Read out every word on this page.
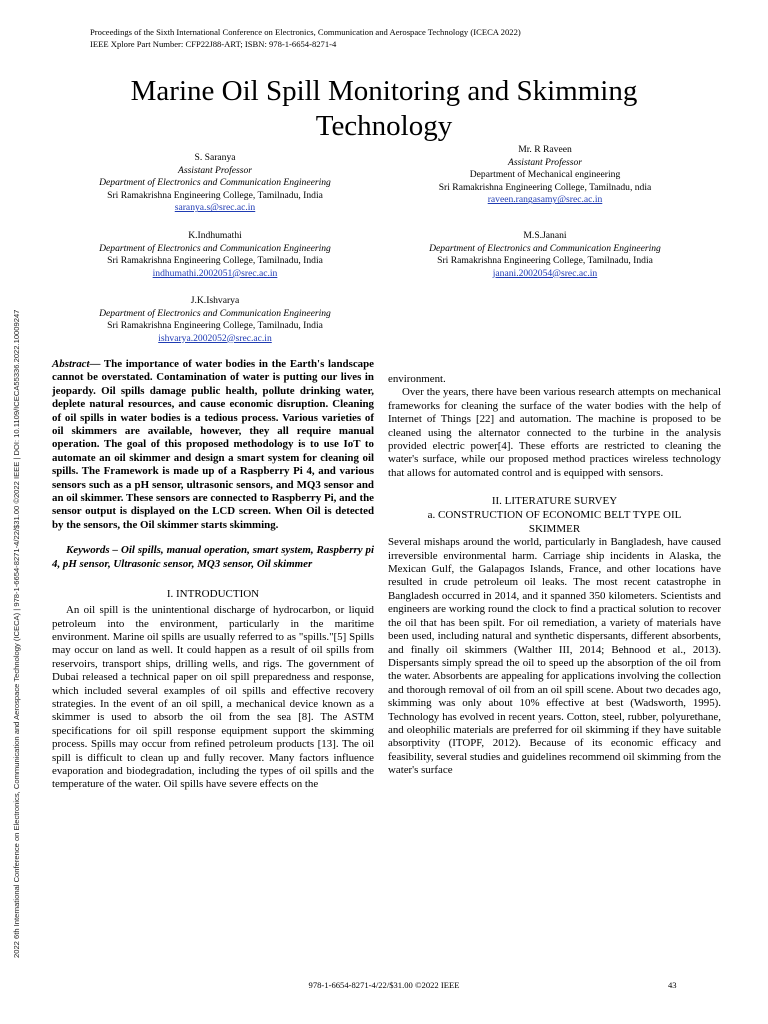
Proceedings of the Sixth International Conference on Electronics, Communication and Aerospace Technology (ICECA 2022)
IEEE Xplore Part Number: CFP22J88-ART; ISBN: 978-1-6654-8271-4
Marine Oil Spill Monitoring and Skimming
Technology
2022 6th International Conference on Electronics, Communication and Aerospace Technology (ICECA) | 978-1-6654-8271-4/22/$31.00 ©2022 IEEE | DOI: 10.1109/ICECA55336.2022.10009247
S. Saranya
Assistant Professor
Department of Electronics and Communication Engineering
Sri Ramakrishna Engineering College, Tamilnadu, India
saranya.s@srec.ac.in
Mr. R Raveen
Assistant Professor
Department of Mechanical engineering
Sri Ramakrishna Engineering College, Tamilnadu, ndia
raveen.rangasamy@srec.ac.in
K.Indhumathi
Department of Electronics and Communication Engineering
Sri Ramakrishna Engineering College, Tamilnadu, India
indhumathi.2002051@srec.ac.in
M.S.Janani
Department of Electronics and Communication Engineering
Sri Ramakrishna Engineering College, Tamilnadu, India
janani.2002054@srec.ac.in
J.K.Ishvarya
Department of Electronics and Communication Engineering
Sri Ramakrishna Engineering College, Tamilnadu, India
ishvarya.2002052@srec.ac.in

Abstract— The importance of water bodies in the Earth's landscape cannot be overstated. Contamination of water is putting our lives in jeopardy. Oil spills damage public health, pollute drinking water, deplete natural resources, and cause economic disruption. Cleaning of oil spills in water bodies is a tedious process. Various varieties of oil skimmers are available, however, they all require manual operation. The goal of this proposed methodology is to use IoT to automate an oil skimmer and design a smart system for cleaning oil spills. The Framework is made up of a Raspberry Pi 4, and various sensors such as a pH sensor, ultrasonic sensors, and MQ3 sensor and an oil skimmer. These sensors are connected to Raspberry Pi, and the sensor output is displayed on the LCD screen. When Oil is detected by the sensors, the Oil skimmer starts skimming.

Keywords – Oil spills, manual operation, smart system, Raspberry pi 4, pH sensor, Ultrasonic sensor, MQ3 sensor, Oil skimmer

I. INTRODUCTION

An oil spill is the unintentional discharge of hydrocarbon, or liquid petroleum into the environment, particularly in the maritime environment. Marine oil spills are usually referred to as "spills."[5] Spills may occur on land as well. It could happen as a result of oil spills from reservoirs, transport ships, drilling wells, and rigs. The government of Dubai released a technical paper on oil spill preparedness and response, which included several examples of oil spills and effective recovery strategies. In the event of an oil spill, a mechanical device known as a skimmer is used to absorb the oil from the sea [8]. The ASTM specifications for oil spill response equipment support the skimming process. Spills may occur from refined petroleum products [13]. The oil spill is difficult to clean up and fully recover. Many factors influence evaporation and biodegradation, including the types of oil spills and the temperature of the water. Oil spills have severe effects on the

environment.

Over the years, there have been various research attempts on mechanical frameworks for cleaning the surface of the water bodies with the help of Internet of Things [22] and automation. The machine is proposed to be cleaned using the alternator connected to the turbine in the analysis provided electric power[4]. These efforts are restricted to cleaning the water's surface, while our proposed method practices wireless technology that allows for automated control and is equipped with sensors.

II. LITERATURE SURVEY
a. CONSTRUCTION OF ECONOMIC BELT TYPE OIL
SKIMMER

Several mishaps around the world, particularly in Bangladesh, have caused irreversible environmental harm. Carriage ship incidents in Alaska, the Mexican Gulf, the Galapagos Islands, France, and other locations have resulted in crude petroleum oil leaks. The most recent catastrophe in Bangladesh occurred in 2014, and it spanned 350 kilometers. Scientists and engineers are working round the clock to find a practical solution to recover the oil that has been spilt. For oil remediation, a variety of materials have been used, including natural and synthetic dispersants, different absorbents, and finally oil skimmers (Walther III, 2014; Behnood et al., 2013). Dispersants simply spread the oil to speed up the absorption of the oil from the water. Absorbents are appealing for applications involving the collection and thorough removal of oil from an oil spill scene. About two decades ago, skimming was only about 10% effective at best (Wadsworth, 1995). Technology has evolved in recent years. Cotton, steel, rubber, polyurethane, and oleophilic materials are preferred for oil skimming if they have suitable absorptivity (ITOPF, 2012). Because of its economic efficacy and feasibility, several studies and guidelines recommend oil skimming from the water's surface

978-1-6654-8271-4/22/$31.00 ©2022 IEEE	43
